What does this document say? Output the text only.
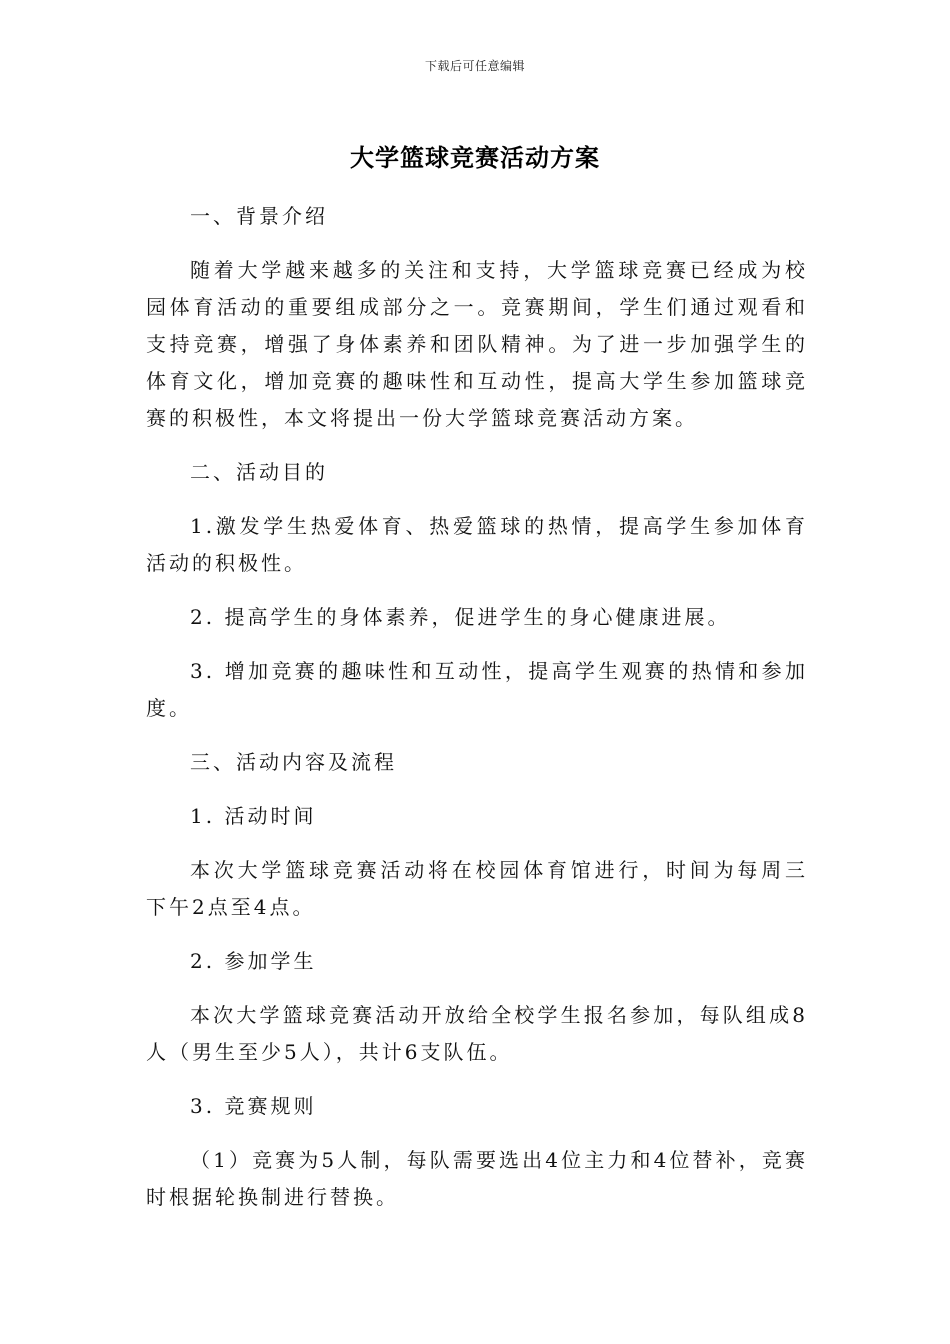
下载后可任意编辑
大学篮球竞赛活动方案

一、背景介绍

随着大学越来越多的关注和支持，大学篮球竞赛已经成为校园体育活动的重要组成部分之一。竞赛期间，学生们通过观看和支持竞赛，增强了身体素养和团队精神。为了进一步加强学生的体育文化，增加竞赛的趣味性和互动性，提高大学生参加篮球竞赛的积极性，本文将提出一份大学篮球竞赛活动方案。

二、活动目的

1.激发学生热爱体育、热爱篮球的热情，提高学生参加体育活动的积极性。

2. 提高学生的身体素养，促进学生的身心健康进展。

3. 增加竞赛的趣味性和互动性，提高学生观赛的热情和参加度。

三、活动内容及流程

1. 活动时间

本次大学篮球竞赛活动将在校园体育馆进行，时间为每周三下午2点至4点。

2. 参加学生

本次大学篮球竞赛活动开放给全校学生报名参加，每队组成8人（男生至少5人），共计6支队伍。

3. 竞赛规则

（1）竞赛为5人制，每队需要选出4位主力和4位替补，竞赛时根据轮换制进行替换。
